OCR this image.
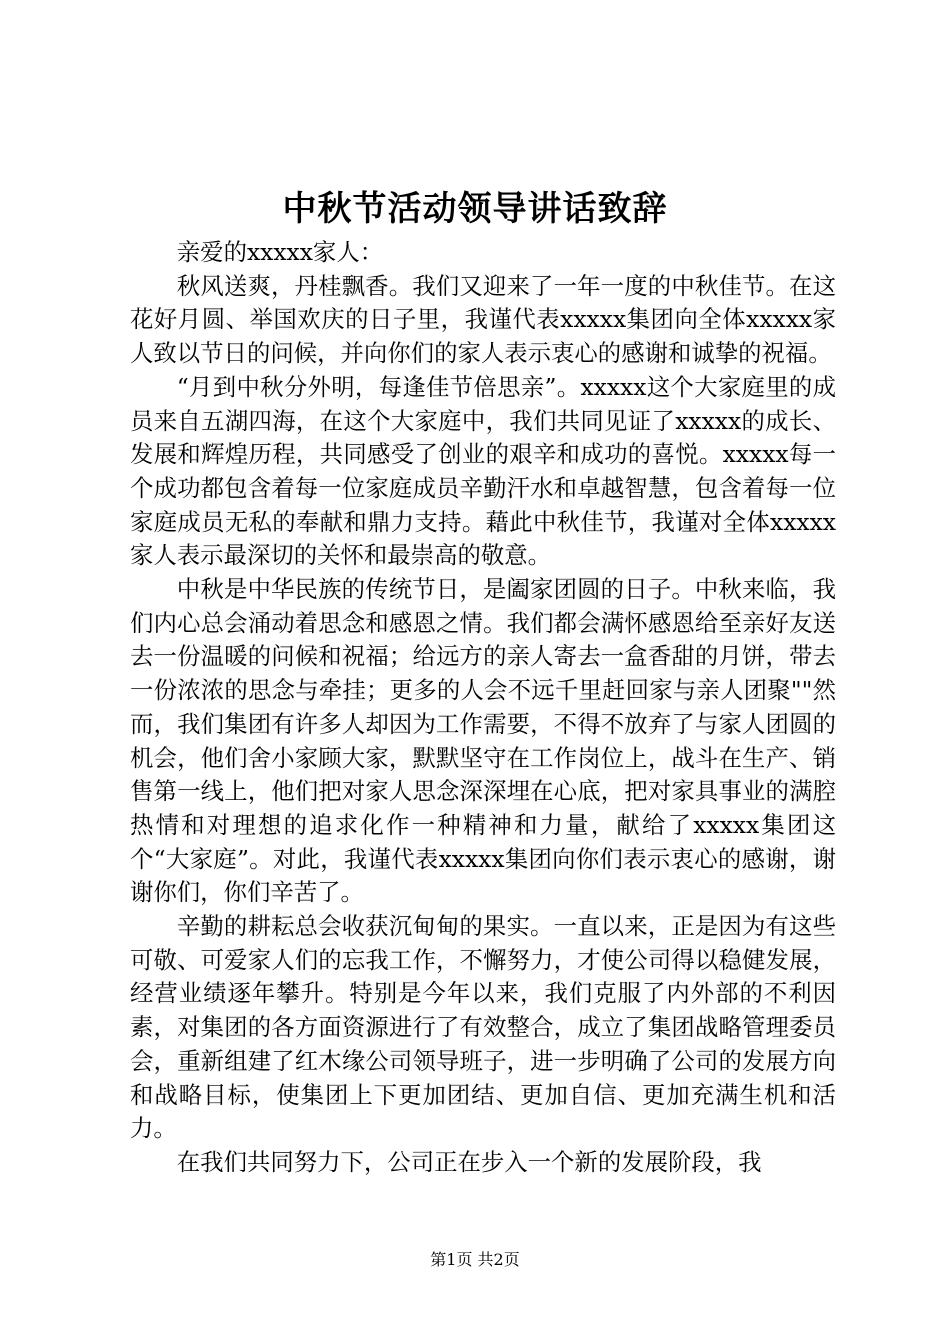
中秋节活动领导讲话致辞

亲爱的xxxxx家人：

秋风送爽，丹桂飘香。我们又迎来了一年一度的中秋佳节。在这花好月圆、举国欢庆的日子里，我谨代表xxxxx集团向全体xxxxx家人致以节日的问候，并向你们的家人表示衷心的感谢和诚挚的祝福。

“月到中秋分外明，每逢佳节倍思亲”。xxxxx这个大家庭里的成员来自五湖四海，在这个大家庭中，我们共同见证了xxxxx的成长、发展和辉煌历程，共同感受了创业的艰辛和成功的喜悦。xxxxx每一个成功都包含着每一位家庭成员辛勤汗水和卓越智慧，包含着每一位家庭成员无私的奉献和鼎力支持。藉此中秋佳节，我谨对全体xxxxx家人表示最深切的关怀和最崇高的敬意。

中秋是中华民族的传统节日，是阖家团圆的日子。中秋来临，我们内心总会涌动着思念和感恩之情。我们都会满怀感恩给至亲好友送去一份温暖的问候和祝福；给远方的亲人寄去一盒香甜的月饼，带去一份浓浓的思念与牵挂；更多的人会不远千里赶回家与亲人团聚""然而，我们集团有许多人却因为工作需要，不得不放弃了与家人团圆的机会，他们舍小家顾大家，默默坚守在工作岗位上，战斗在生产、销售第一线上，他们把对家人思念深深埋在心底，把对家具事业的满腔热情和对理想的追求化作一种精神和力量，献给了xxxxx集团这个“大家庭”。对此，我谨代表xxxxx集团向你们表示衷心的感谢，谢谢你们，你们辛苦了。

辛勤的耕耘总会收获沉甸甸的果实。一直以来，正是因为有这些可敬、可爱家人们的忘我工作，不懈努力，才使公司得以稳健发展，经营业绩逐年攀升。特别是今年以来，我们克服了内外部的不利因素，对集团的各方面资源进行了有效整合，成立了集团战略管理委员会，重新组建了红木缘公司领导班子，进一步明确了公司的发展方向和战略目标，使集团上下更加团结、更加自信、更加充满生机和活力。

在我们共同努力下，公司正在步入一个新的发展阶段，我

第1页 共2页
